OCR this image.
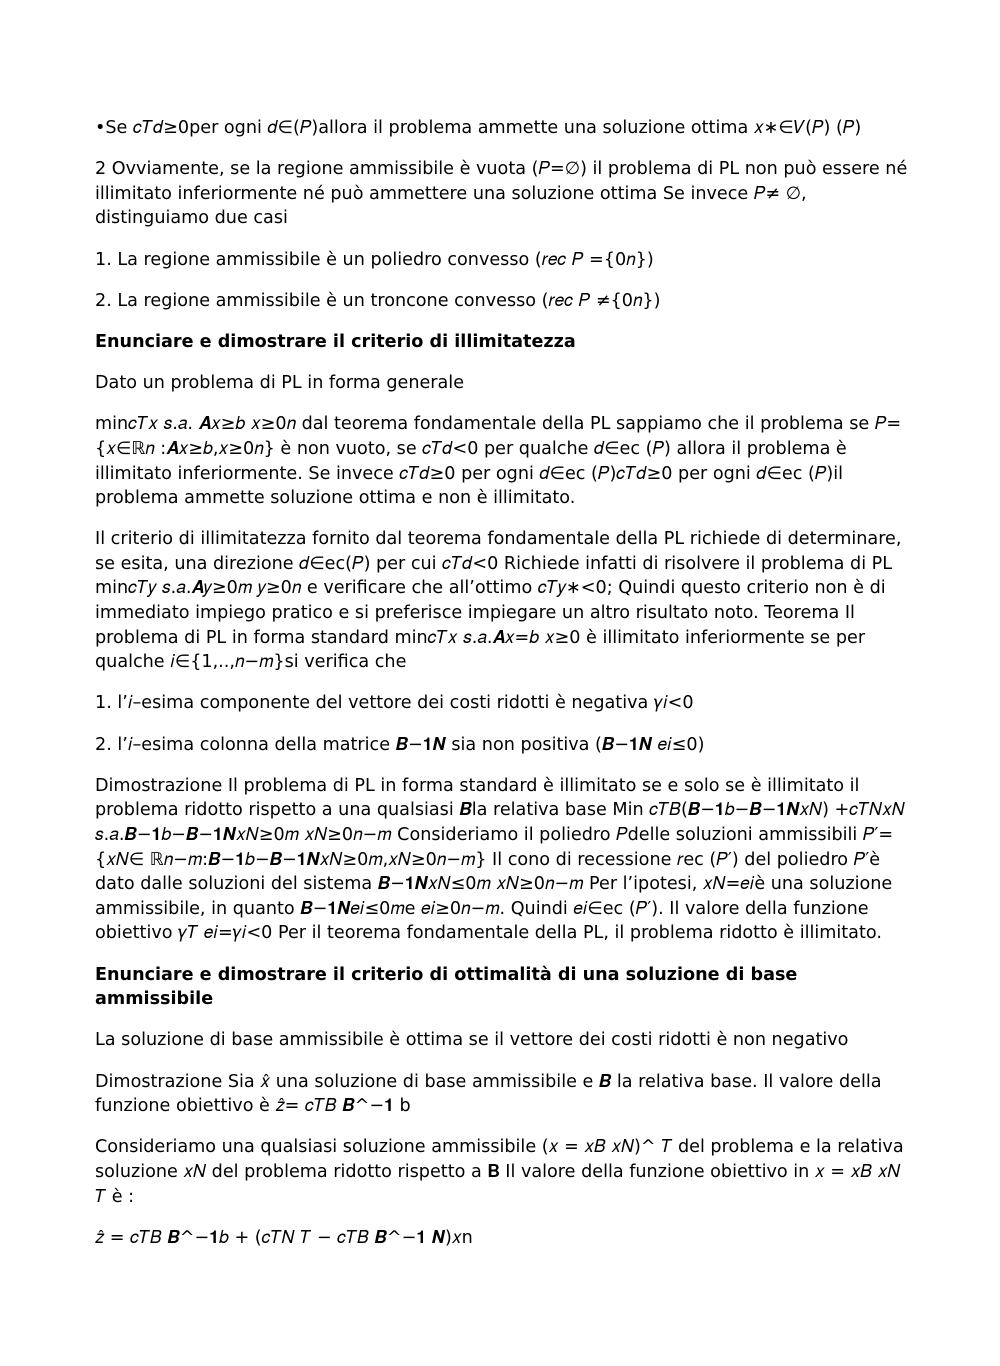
•Se 𝑐𝑇𝑑≥0per ogni 𝑑∈(𝑃)allora il problema ammette una soluzione ottima 𝑥∗∈𝑉(𝑃) (𝑃)

2 Ovviamente, se la regione ammissibile è vuota (𝑃=∅) il problema di PL non può essere né illimitato inferiormente né può ammettere una soluzione ottima Se invece 𝑃≠ ∅, distinguiamo due casi

1. La regione ammissibile è un poliedro convesso (𝑟𝑒𝑐 𝑃 ={0𝑛})

2. La regione ammissibile è un troncone convesso (𝑟𝑒𝑐 𝑃 ≠{0𝑛})

Enunciare e dimostrare il criterio di illimitatezza

Dato un problema di PL in forma generale

min𝑐𝑇𝑥 𝑠.𝑎. 𝑨𝑥≥𝑏 𝑥≥0𝑛 dal teorema fondamentale della PL sappiamo che il problema se 𝑃={𝑥∈ℝ𝑛 :𝑨𝑥≥𝑏,𝑥≥0𝑛} è non vuoto, se 𝑐𝑇𝑑<0 per qualche 𝑑∈ec (𝑃) allora il problema è illimitato inferiormente. Se invece 𝑐𝑇𝑑≥0 per ogni 𝑑∈ec (𝑃)𝑐𝑇𝑑≥0 per ogni 𝑑∈ec (𝑃)il problema ammette soluzione ottima e non è illimitato.

Il criterio di illimitatezza fornito dal teorema fondamentale della PL richiede di determinare, se esita, una direzione 𝑑∈ec(𝑃) per cui 𝑐𝑇𝑑<0 Richiede infatti di risolvere il problema di PL min𝑐𝑇𝑦 𝑠.𝑎.𝑨𝑦≥0𝑚 𝑦≥0𝑛 e verificare che all’ottimo 𝑐𝑇𝑦∗<0; Quindi questo criterio non è di immediato impiego pratico e si preferisce impiegare un altro risultato noto. Teorema Il problema di PL in forma standard min𝑐𝑇𝑥 𝑠.𝑎.𝑨𝑥=𝑏 𝑥≥0 è illimitato inferiormente se per qualche 𝑖∈{1,..,𝑛−𝑚}si verifica che

1. l’𝑖–esima componente del vettore dei costi ridotti è negativa 𝛾𝑖<0

2. l’𝑖–esima colonna della matrice 𝑩−𝟏𝑵 sia non positiva (𝑩−𝟏𝑵 𝑒𝑖≤0)

Dimostrazione Il problema di PL in forma standard è illimitato se e solo se è illimitato il problema ridotto rispetto a una qualsiasi 𝑩la relativa base Min 𝑐𝑇𝐵(𝑩−𝟏𝑏−𝑩−𝟏𝑵𝑥𝑁) +𝑐𝑇𝑁𝑥𝑁 𝑠.𝑎.𝑩−𝟏𝑏−𝑩−𝟏𝑵𝑥𝑁≥0𝑚 𝑥𝑁≥0𝑛−𝑚 Consideriamo il poliedro 𝑃delle soluzioni ammissibili 𝑃′={𝑥𝑁∈ ℝ𝑛−𝑚:𝑩−𝟏𝑏−𝑩−𝟏𝑵𝑥𝑁≥0𝑚,𝑥𝑁≥0𝑛−𝑚} Il cono di recessione 𝑟ec (𝑃′) del poliedro 𝑃′è dato dalle soluzioni del sistema 𝑩−𝟏𝑵𝑥𝑁≤0𝑚 𝑥𝑁≥0𝑛−𝑚 Per l’ipotesi, 𝑥𝑁=𝑒𝑖è una soluzione ammissibile, in quanto 𝑩−𝟏𝑵𝑒𝑖≤0𝑚e 𝑒𝑖≥0𝑛−𝑚. Quindi 𝑒𝑖∈ec (𝑃′). Il valore della funzione obiettivo 𝛾𝑇 𝑒𝑖=𝛾𝑖<0 Per il teorema fondamentale della PL, il problema ridotto è illimitato.

Enunciare e dimostrare il criterio di ottimalità di una soluzione di base ammissibile

La soluzione di base ammissibile è ottima se il vettore dei costi ridotti è non negativo

Dimostrazione Sia 𝑥̂ una soluzione di base ammissibile e 𝑩 la relativa base. Il valore della funzione obiettivo è 𝑧̂= 𝑐𝑇𝐵 𝑩^−𝟏 b

Consideriamo una qualsiasi soluzione ammissibile (𝑥 = 𝑥𝐵 𝑥𝑁)^ 𝑇 del problema e la relativa soluzione 𝑥𝑁 del problema ridotto rispetto a 𝐁 Il valore della funzione obiettivo in 𝑥 = 𝑥𝐵 𝑥𝑁 𝑇 è :

𝑧̂ = 𝑐𝑇𝐵 𝑩^−𝟏𝑏 + (𝑐𝑇𝑁 𝑇 − 𝑐𝑇𝐵 𝑩^−𝟏 𝑵)𝑥n
